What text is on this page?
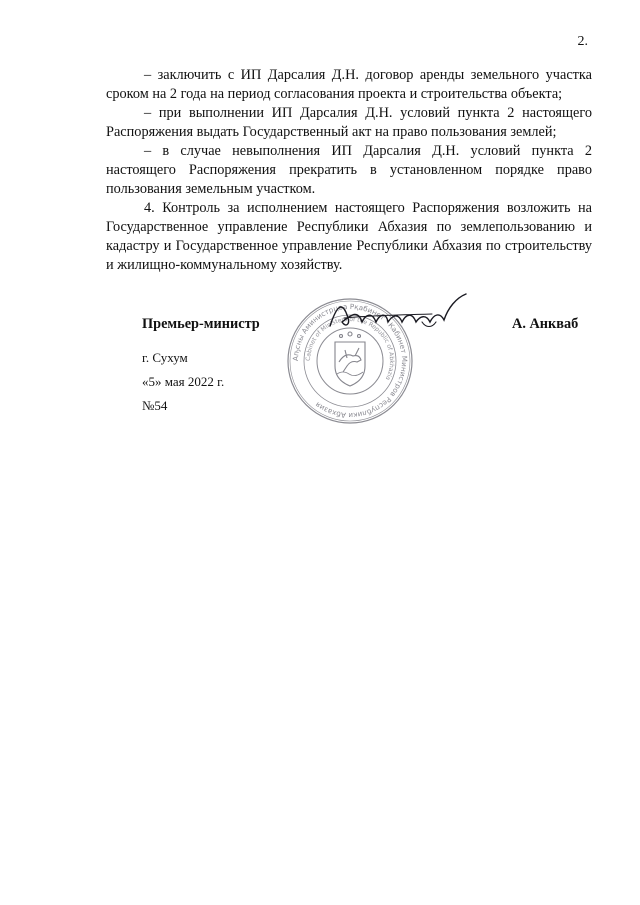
2.

– заключить с ИП Дарсалия Д.Н. договор аренды земельного участка сроком на 2 года на период согласования проекта и строительства объекта;

– при выполнении ИП Дарсалия Д.Н. условий пункта 2 настоящего Распоряжения выдать Государственный акт на право пользования землей;

– в случае невыполнения ИП Дарсалия Д.Н. условий пункта 2 настоящего Распоряжения прекратить в установленном порядке право пользования земельным участком.

4. Контроль за исполнением настоящего Распоряжения возложить на Государственное управление Республики Абхазия по землепользованию и кадастру и Государственное управление Республики Абхазия по строительству и жилищно-коммунальному хозяйству.

Премьер-министр
Аҧсны Аминистрцәа Рқабинет · Кабинет Министров Республики Абхазия
Cabinet of Ministers of the Republic of Abkhazia
А. Анкваб
г. Сухум
«5» мая 2022 г.
№54
